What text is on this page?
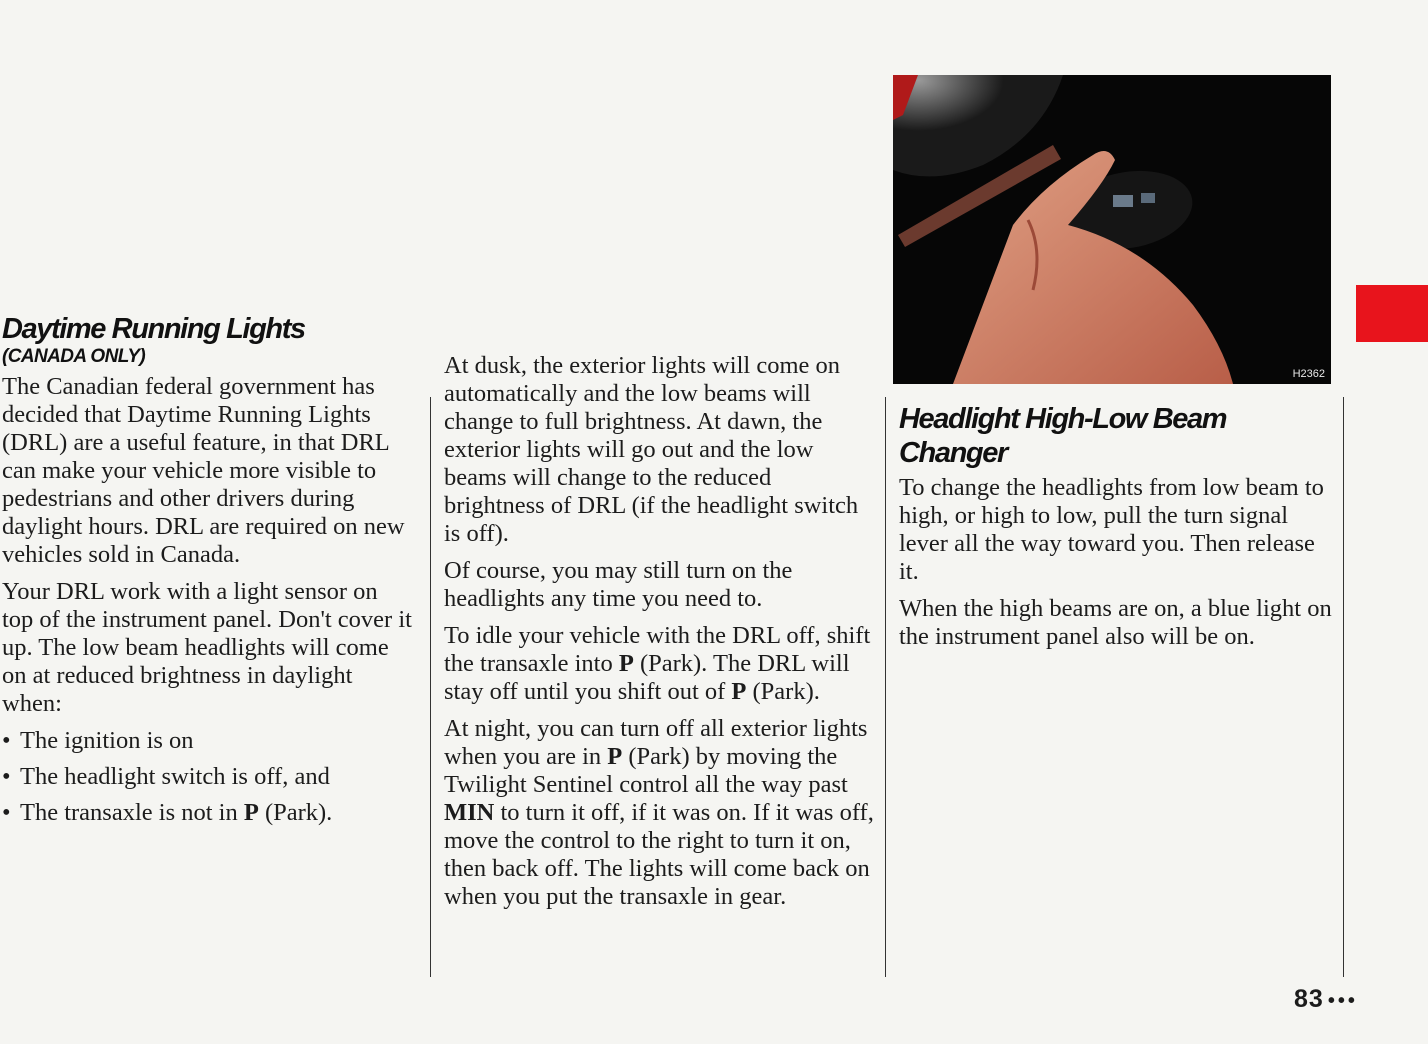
Daytime Running Lights
(CANADA ONLY)

The Canadian federal government has decided that Daytime Running Lights (DRL) are a useful feature, in that DRL can make your vehicle more visible to pedestrians and other drivers during daylight hours. DRL are required on new vehicles sold in Canada.

Your DRL work with a light sensor on top of the instrument panel. Don't cover it up. The low beam headlights will come on at reduced brightness in daylight when:

• The ignition is on
• The headlight switch is off, and
• The transaxle is not in P (Park).

At dusk, the exterior lights will come on automatically and the low beams will change to full brightness. At dawn, the exterior lights will go out and the low beams will change to the reduced brightness of DRL (if the headlight switch is off).

Of course, you may still turn on the headlights any time you need to.

To idle your vehicle with the DRL off, shift the transaxle into P (Park). The DRL will stay off until you shift out of P (Park).

At night, you can turn off all exterior lights when you are in P (Park) by moving the Twilight Sentinel control all the way past MIN to turn it off, if it was on. If it was off, move the control to the right to turn it on, then back off. The lights will come back on when you put the transaxle in gear.

H2362
Headlight High-Low Beam Changer

To change the headlights from low beam to high, or high to low, pull the turn signal lever all the way toward you. Then release it.

When the high beams are on, a blue light on the instrument panel also will be on.

83 •••
